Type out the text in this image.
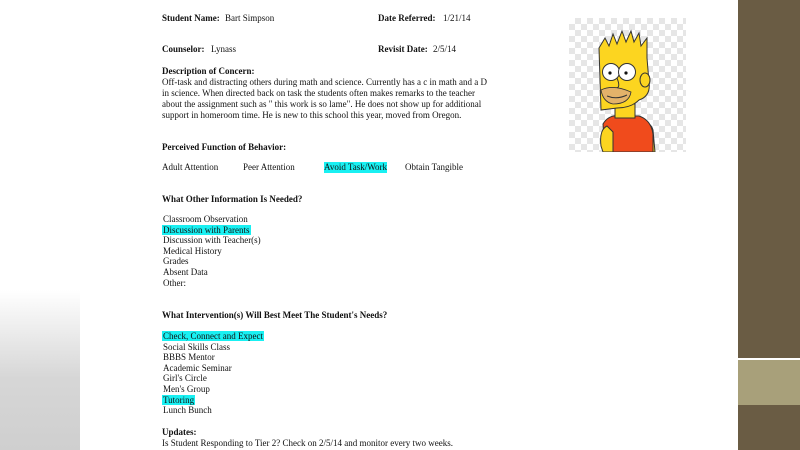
Student Name: Bart Simpson	Date Referred: 1/21/14
Counselor: Lynass	Revisit Date: 2/5/14
Description of Concern:
Off-task and distracting others during math and science. Currently has a c in math and a D in science. When directed back on task the students often makes remarks to the teacher about the assignment such as " this work is so lame". He does not show up for additional support in homeroom time. He is new to this school this year, moved from Oregon.
Perceived Function of Behavior:
Adult Attention	Peer Attention	Avoid Task/Work Obtain Tangible
What Other Information Is Needed?
Classroom Observation
Discussion with Parents
Discussion with Teacher(s)
Medical History
Grades
Absent Data
Other:
What Intervention(s) Will Best Meet The Student's Needs?
Check, Connect and Expect
Social Skills Class
BBBS Mentor
Academic Seminar
Girl's Circle
Men's Group
Tutoring
Lunch Bunch
Updates:
Is Student Responding to Tier 2? Check on 2/5/14 and monitor every two weeks.
